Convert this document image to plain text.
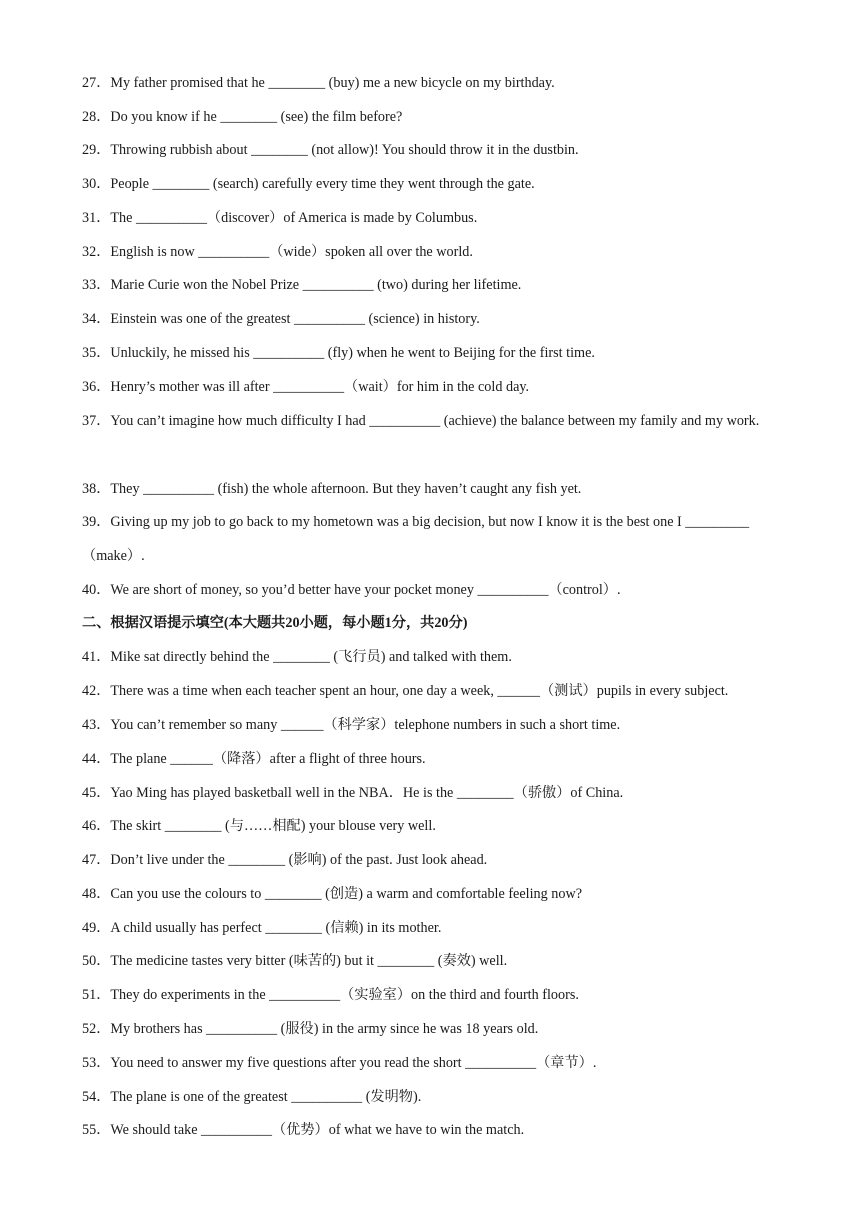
27．My father promised that he ________ (buy) me a new bicycle on my birthday.
28．Do you know if he ________ (see) the film before?
29．Throwing rubbish about ________ (not allow)! You should throw it in the dustbin.
30．People ________ (search) carefully every time they went through the gate.
31．The __________（discover）of America is made by Columbus.
32．English is now __________（wide）spoken all over the world.
33．Marie Curie won the Nobel Prize __________ (two) during her lifetime.
34．Einstein was one of the greatest __________ (science) in history.
35．Unluckily, he missed his __________ (fly) when he went to Beijing for the first time.
36．Henry’s mother was ill after __________（wait）for him in the cold day.
37．You can’t imagine how much difficulty I had __________ (achieve) the balance between my family and my work.
38．They __________ (fish) the whole afternoon. But they haven’t caught any fish yet.
39．Giving up my job to go back to my hometown was a big decision, but now I know it is the best one I _________（make）.
40．We are short of money, so you’d better have your pocket money __________（control）.
二、根据汉语提示填空(本大题共20小题，每小题1分，共20分)
41．Mike sat directly behind the ________ (飞行员) and talked with them.
42．There was a time when each teacher spent an hour, one day a week, ______（测试）pupils in every subject.
43．You can’t remember so many ______（科学家）telephone numbers in such a short time.
44．The plane ______（降落）after a flight of three hours.
45．Yao Ming has played basketball well in the NBA．He is the ________（骄傲）of China.
46．The skirt ________ (与……相配) your blouse very well.
47．Don’t live under the ________ (影响) of the past. Just look ahead.
48．Can you use the colours to ________ (创造) a warm and comfortable feeling now?
49．A child usually has perfect ________ (信赖) in its mother.
50．The medicine tastes very bitter (味苦的) but it ________ (奏效) well.
51．They do experiments in the __________（实验室）on the third and fourth floors.
52．My brothers has __________ (服役) in the army since he was 18 years old.
53．You need to answer my five questions after you read the short __________（章节）.
54．The plane is one of the greatest __________ (发明物).
55．We should take __________（优势）of what we have to win the match.
